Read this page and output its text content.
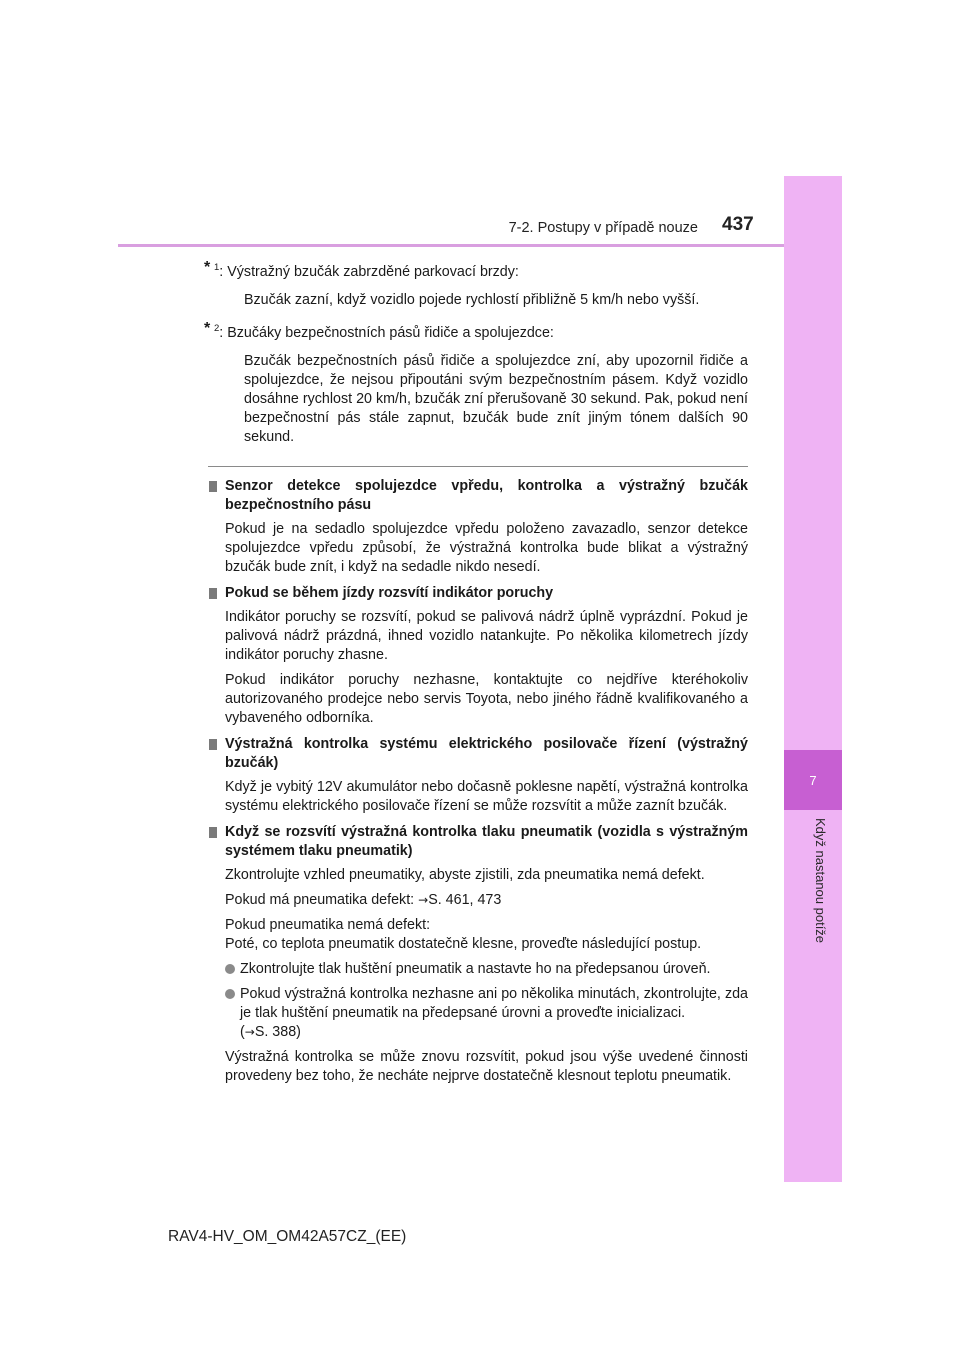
7
Když nastanou potíže
7-2. Postupy v případě nouze 437
* $^1$: Výstražný bzučák zabrzděné parkovací brzdy:
Bzučák zazní, když vozidlo pojede rychlostí přibližně 5 km/h nebo vyšší.
* $^2$: Bzučáky bezpečnostních pásů řidiče a spolujezdce:
Bzučák bezpečnostních pásů řidiče a spolujezdce zní, aby upozornil řidiče a spolujezdce, že nejsou připoutáni svým bezpečnostním pásem. Když vozidlo dosáhne rychlost 20 km/h, bzučák zní přerušovaně 30 sekund. Pak, pokud není bezpečnostní pás stále zapnut, bzučák bude znít jiným tónem dalších 90 sekund.
Senzor detekce spolujezdce vpředu, kontrolka a výstražný bzučák bezpečnostního pásu
Pokud je na sedadlo spolujezdce vpředu položeno zavazadlo, senzor detekce spolujezdce vpředu způsobí, že výstražná kontrolka bude blikat a výstražný bzučák bude znít, i když na sedadle nikdo nesedí.
Pokud se během jízdy rozsvítí indikátor poruchy
Indikátor poruchy se rozsvítí, pokud se palivová nádrž úplně vyprázdní. Pokud je palivová nádrž prázdná, ihned vozidlo natankujte. Po několika kilometrech jízdy indikátor poruchy zhasne.
Pokud indikátor poruchy nezhasne, kontaktujte co nejdříve kteréhokoliv autorizovaného prodejce nebo servis Toyota, nebo jiného řádně kvalifikovaného a vybaveného odborníka.
Výstražná kontrolka systému elektrického posilovače řízení (výstražný bzučák)
Když je vybitý 12V akumulátor nebo dočasně poklesne napětí, výstražná kontrolka systému elektrického posilovače řízení se může rozsvítit a může zaznít bzučák.
Když se rozsvítí výstražná kontrolka tlaku pneumatik (vozidla s výstražným systémem tlaku pneumatik)
Zkontrolujte vzhled pneumatiky, abyste zjistili, zda pneumatika nemá defekt.
Pokud má pneumatika defekt: →S. 461, 473
Pokud pneumatika nemá defekt:
Poté, co teplota pneumatik dostatečně klesne, proveďte následující postup.
Zkontrolujte tlak huštění pneumatik a nastavte ho na předepsanou úroveň.
Pokud výstražná kontrolka nezhasne ani po několika minutách, zkontrolujte, zda je tlak huštění pneumatik na předepsané úrovni a proveďte inicializaci.
(→S. 388)
Výstražná kontrolka se může znovu rozsvítit, pokud jsou výše uvedené činnosti provedeny bez toho, že necháte nejprve dostatečně klesnout teplotu pneumatik.
RAV4-HV_OM_OM42A57CZ_(EE)
